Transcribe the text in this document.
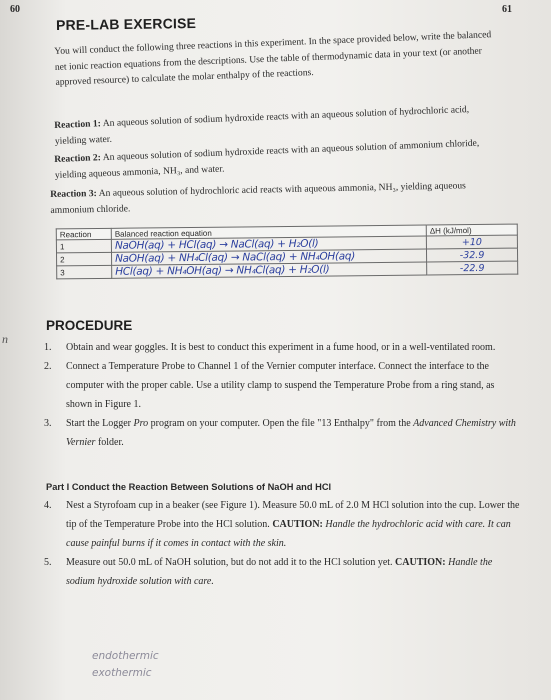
60	61
n
PRE-LAB EXERCISE
You will conduct the following three reactions in this experiment. In the space provided below, write the balanced net ionic reaction equations from the descriptions. Use the table of thermodynamic data in your text (or another approved resource) to calculate the molar enthalpy of the reactions.
Reaction 1: An aqueous solution of sodium hydroxide reacts with an aqueous solution of hydrochloric acid, yielding water.
Reaction 2: An aqueous solution of sodium hydroxide reacts with an aqueous solution of ammonium chloride, yielding aqueous ammonia, NH₃, and water.
Reaction 3: An aqueous solution of hydrochloric acid reacts with aqueous ammonia, NH₃, yielding aqueous ammonium chloride.
Reaction	Balanced reaction equation	ΔH (kJ/mol)
1	NaOH(aq) + HCl(aq) → NaCl(aq) + H₂O(l)	+10
2	NaOH(aq) + NH₄Cl(aq) → NaCl(aq) + NH₄OH(aq)	-32.9
3	HCl(aq) + NH₄OH(aq) → NH₄Cl(aq) + H₂O(l)	-22.9
PROCEDURE
1. Obtain and wear goggles. It is best to conduct this experiment in a fume hood, or in a well-ventilated room.
2. Connect a Temperature Probe to Channel 1 of the Vernier computer interface. Connect the interface to the computer with the proper cable. Use a utility clamp to suspend the Temperature Probe from a ring stand, as shown in Figure 1.
3. Start the Logger Pro program on your computer. Open the file "13 Enthalpy" from the Advanced Chemistry with Vernier folder.
Part I Conduct the Reaction Between Solutions of NaOH and HCl
4. Nest a Styrofoam cup in a beaker (see Figure 1). Measure 50.0 mL of 2.0 M HCl solution into the cup. Lower the tip of the Temperature Probe into the HCl solution. CAUTION: Handle the hydrochloric acid with care. It can cause painful burns if it comes in contact with the skin.
5. Measure out 50.0 mL of NaOH solution, but do not add it to the HCl solution yet. CAUTION: Handle the sodium hydroxide solution with care.
endothermic
exothermic
